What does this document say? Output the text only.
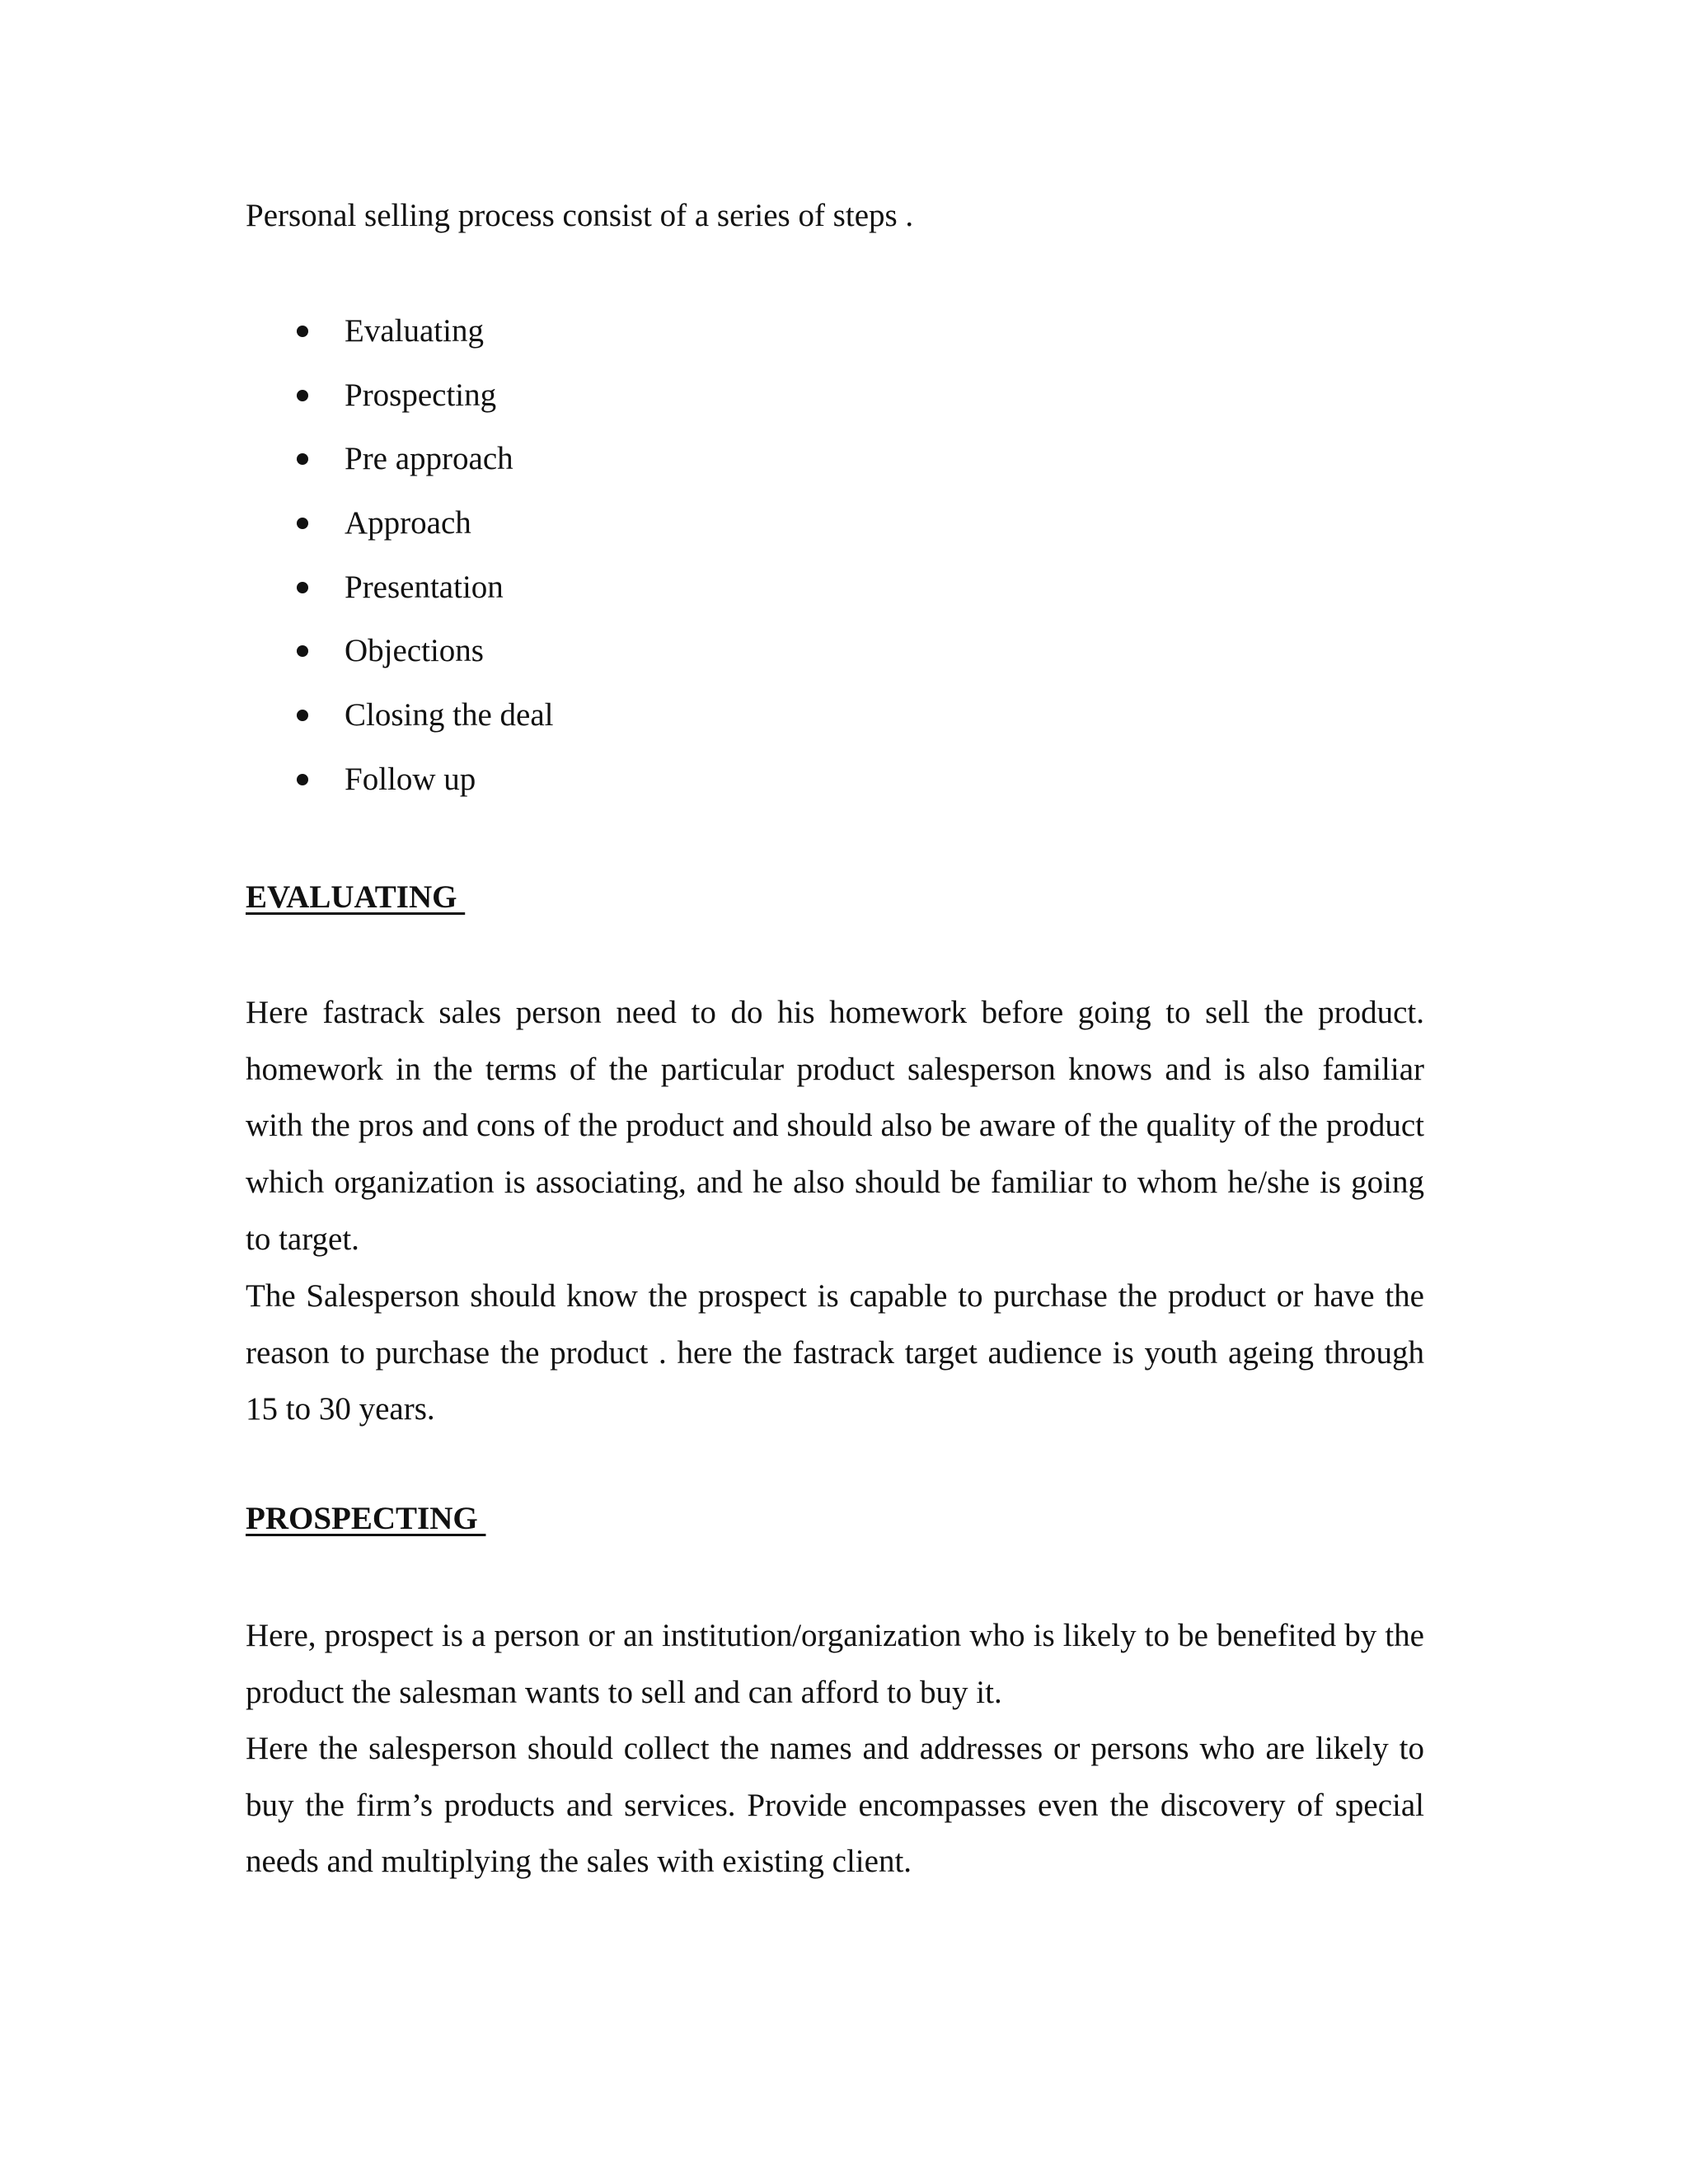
Personal selling process consist of a series of steps .

Evaluating
Prospecting
Pre approach
Approach
Presentation
Objections
Closing the deal
Follow up
EVALUATING

Here fastrack sales person need to do his homework before going to sell the product. homework in the terms of the particular product salesperson knows and is also familiar with the pros and cons of the product and should also be aware of the quality of the product which organization is associating, and he also should be familiar to whom he/she is going to target.

The Salesperson should know the prospect is capable to purchase the product or have the reason to purchase the product . here the fastrack target audience is youth ageing through 15 to 30 years.

PROSPECTING

Here, prospect is a person or an institution/organization who is likely to be benefited by the product the salesman wants to sell and can afford to buy it.

Here the salesperson should collect the names and addresses or persons who are likely to buy the firm’s products and services. Provide encompasses even the discovery of special needs and multiplying the sales with existing client.
